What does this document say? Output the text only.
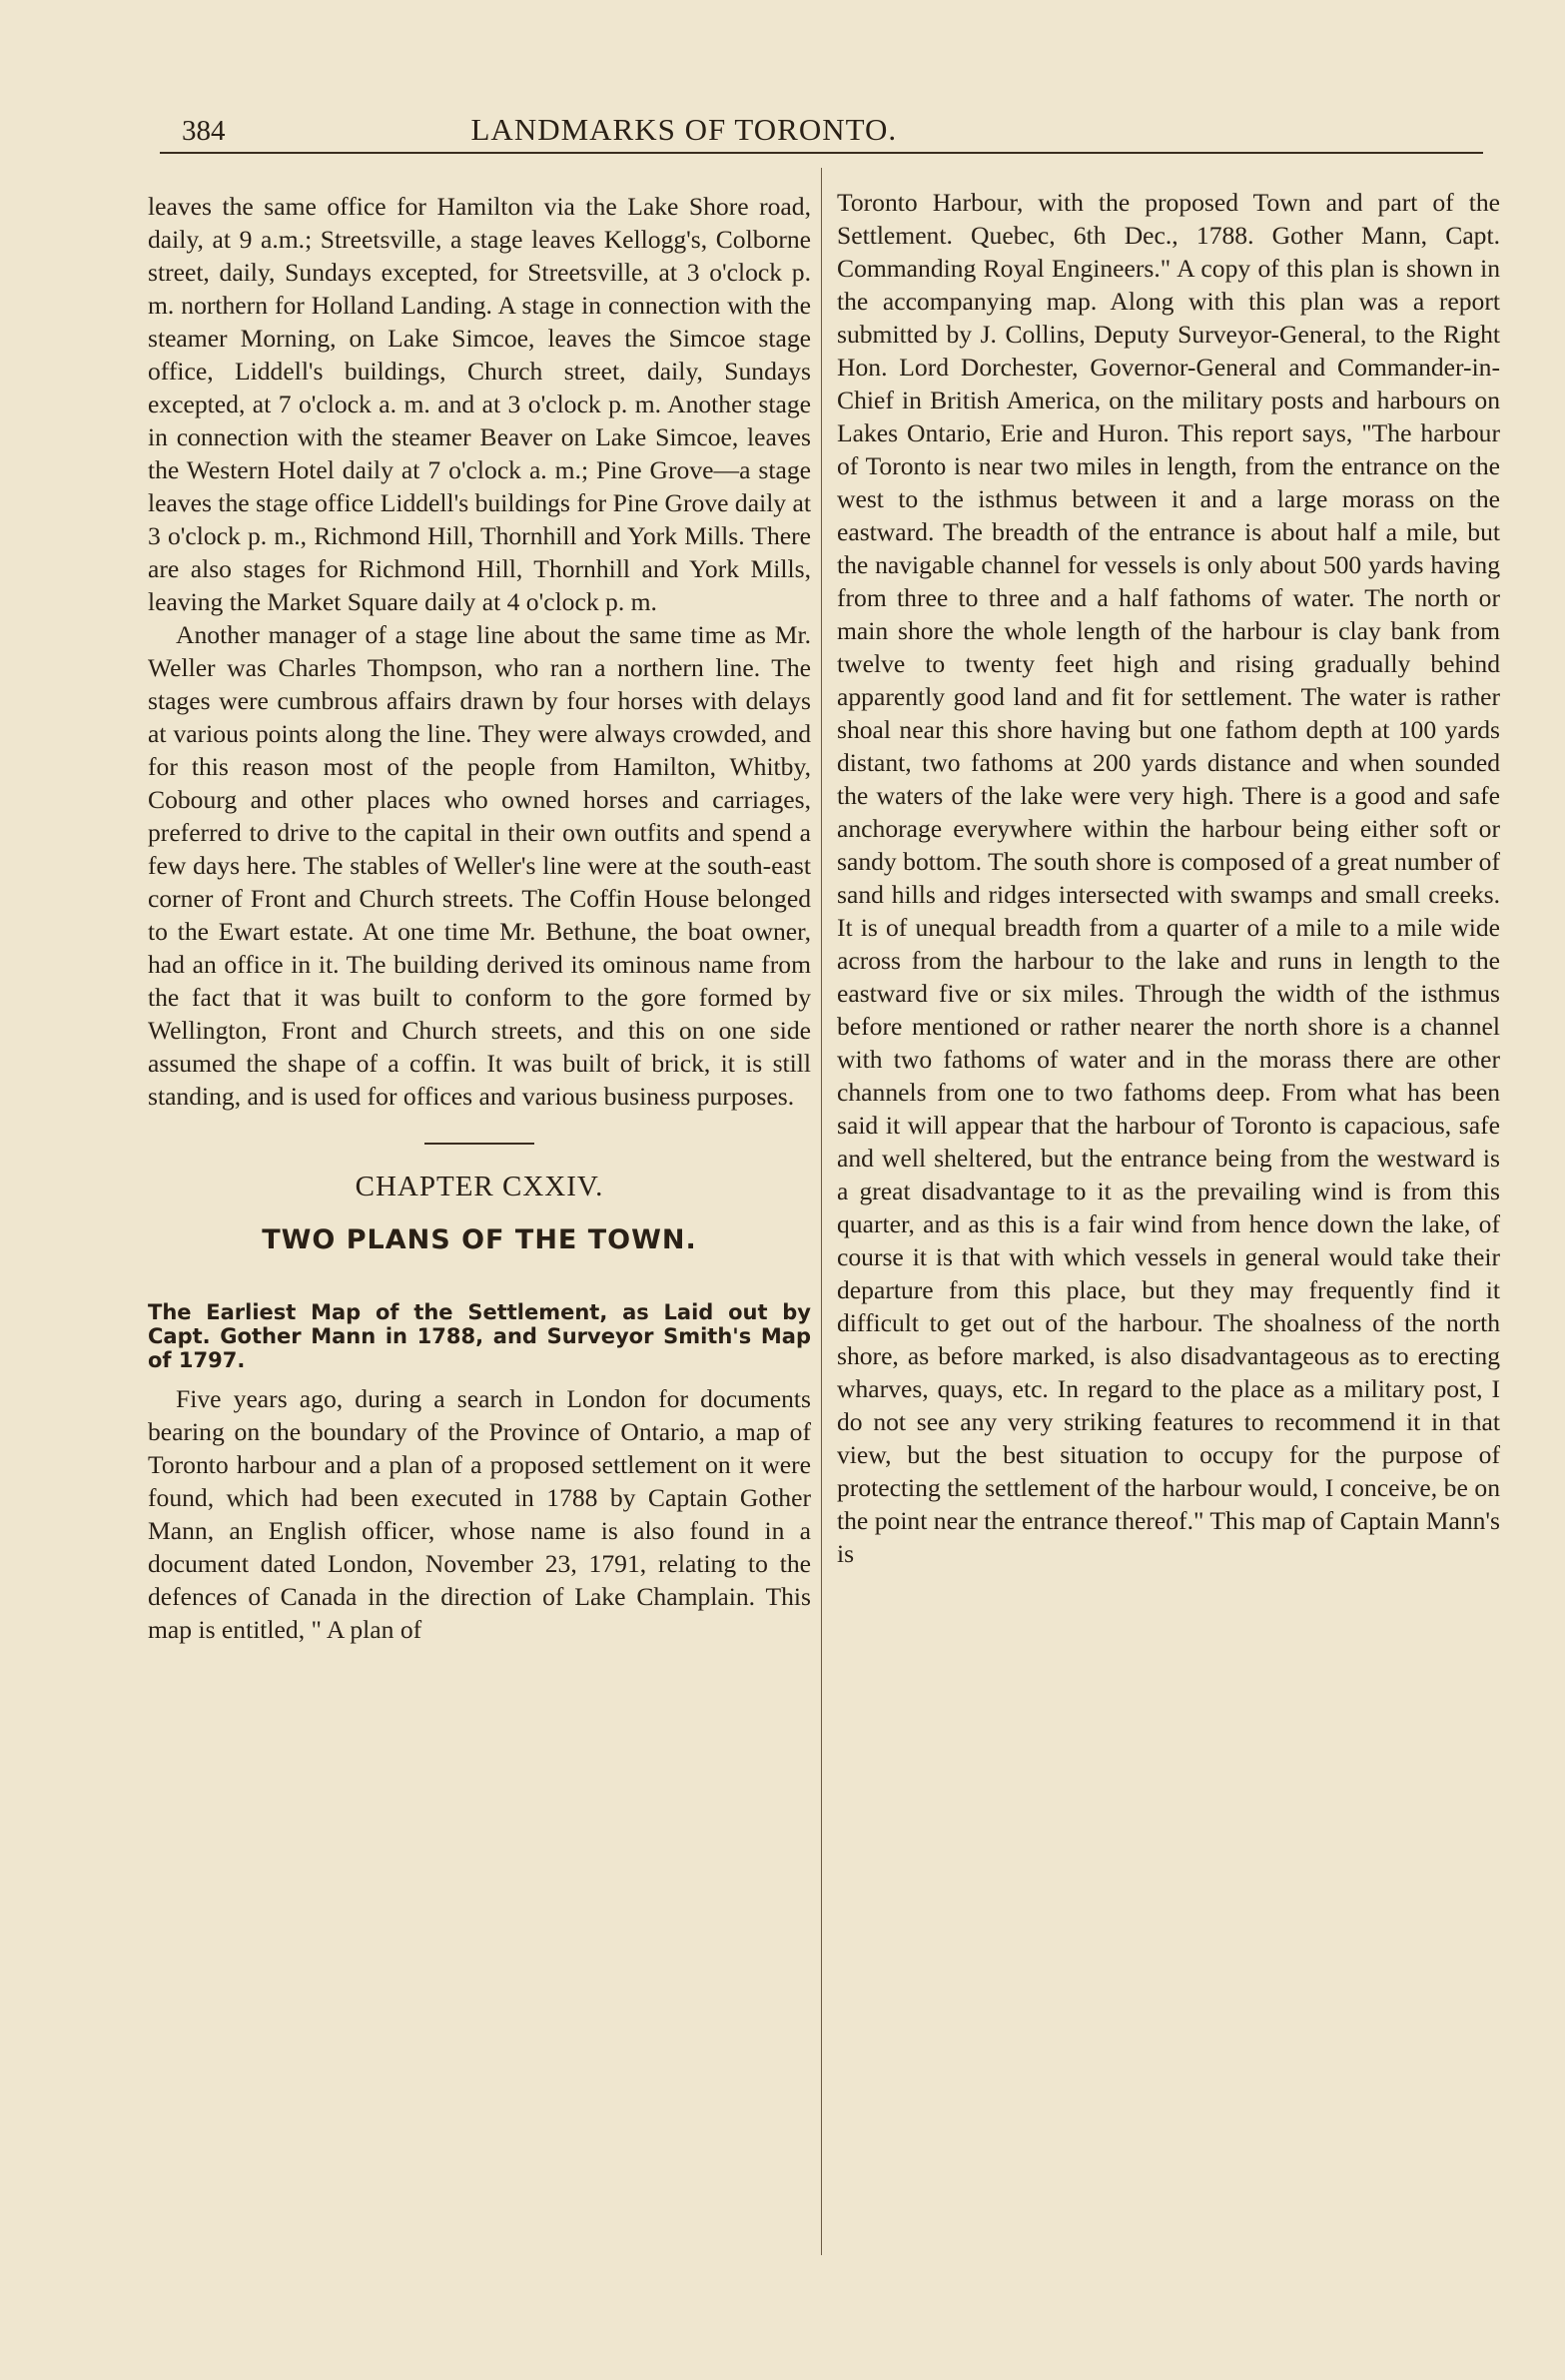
384	LANDMARKS OF TORONTO.

leaves the same office for Hamilton via the Lake Shore road, daily, at 9 a.m.; Streetsville, a stage leaves Kellogg's, Colborne street, daily, Sundays excepted, for Streetsville, at 3 o'clock p. m. northern for Holland Landing. A stage in connection with the steamer Morning, on Lake Simcoe, leaves the Simcoe stage office, Liddell's buildings, Church street, daily, Sundays excepted, at 7 o'clock a. m. and at 3 o'clock p. m. Another stage in connection with the steamer Beaver on Lake Simcoe, leaves the Western Hotel daily at 7 o'clock a. m.; Pine Grove—a stage leaves the stage office Liddell's buildings for Pine Grove daily at 3 o'clock p. m., Richmond Hill, Thornhill and York Mills. There are also stages for Richmond Hill, Thornhill and York Mills, leaving the Market Square daily at 4 o'clock p. m.

Another manager of a stage line about the same time as Mr. Weller was Charles Thompson, who ran a northern line. The stages were cumbrous affairs drawn by four horses with delays at various points along the line. They were always crowded, and for this reason most of the people from Hamilton, Whitby, Cobourg and other places who owned horses and carriages, preferred to drive to the capital in their own outfits and spend a few days here. The stables of Weller's line were at the south-east corner of Front and Church streets. The Coffin House belonged to the Ewart estate. At one time Mr. Bethune, the boat owner, had an office in it. The building derived its ominous name from the fact that it was built to conform to the gore formed by Wellington, Front and Church streets, and this on one side assumed the shape of a coffin. It was built of brick, it is still standing, and is used for offices and various business purposes.

CHAPTER CXXIV.
TWO PLANS OF THE TOWN.
The Earliest Map of the Settlement, as Laid out by Capt. Gother Mann in 1788, and Surveyor Smith's Map of 1797.

Five years ago, during a search in London for documents bearing on the boundary of the Province of Ontario, a map of Toronto harbour and a plan of a proposed settlement on it were found, which had been executed in 1788 by Captain Gother Mann, an English officer, whose name is also found in a document dated London, November 23, 1791, relating to the defences of Canada in the direction of Lake Champlain. This map is entitled, " A plan of

Toronto Harbour, with the proposed Town and part of the Settlement. Quebec, 6th Dec., 1788. Gother Mann, Capt. Commanding Royal Engineers." A copy of this plan is shown in the accompanying map. Along with this plan was a report submitted by J. Collins, Deputy Surveyor-General, to the Right Hon. Lord Dorchester, Governor-General and Commander-in-Chief in British America, on the military posts and harbours on Lakes Ontario, Erie and Huron. This report says, "The harbour of Toronto is near two miles in length, from the entrance on the west to the isthmus between it and a large morass on the eastward. The breadth of the entrance is about half a mile, but the navigable channel for vessels is only about 500 yards having from three to three and a half fathoms of water. The north or main shore the whole length of the harbour is clay bank from twelve to twenty feet high and rising gradually behind apparently good land and fit for settlement. The water is rather shoal near this shore having but one fathom depth at 100 yards distant, two fathoms at 200 yards distance and when sounded the waters of the lake were very high. There is a good and safe anchorage everywhere within the harbour being either soft or sandy bottom. The south shore is composed of a great number of sand hills and ridges intersected with swamps and small creeks. It is of unequal breadth from a quarter of a mile to a mile wide across from the harbour to the lake and runs in length to the eastward five or six miles. Through the width of the isthmus before mentioned or rather nearer the north shore is a channel with two fathoms of water and in the morass there are other channels from one to two fathoms deep. From what has been said it will appear that the harbour of Toronto is capacious, safe and well sheltered, but the entrance being from the westward is a great disadvantage to it as the prevailing wind is from this quarter, and as this is a fair wind from hence down the lake, of course it is that with which vessels in general would take their departure from this place, but they may frequently find it difficult to get out of the harbour. The shoalness of the north shore, as before marked, is also disadvantageous as to erecting wharves, quays, etc. In regard to the place as a military post, I do not see any very striking features to recommend it in that view, but the best situation to occupy for the purpose of protecting the settlement of the harbour would, I conceive, be on the point near the entrance thereof." This map of Captain Mann's is
